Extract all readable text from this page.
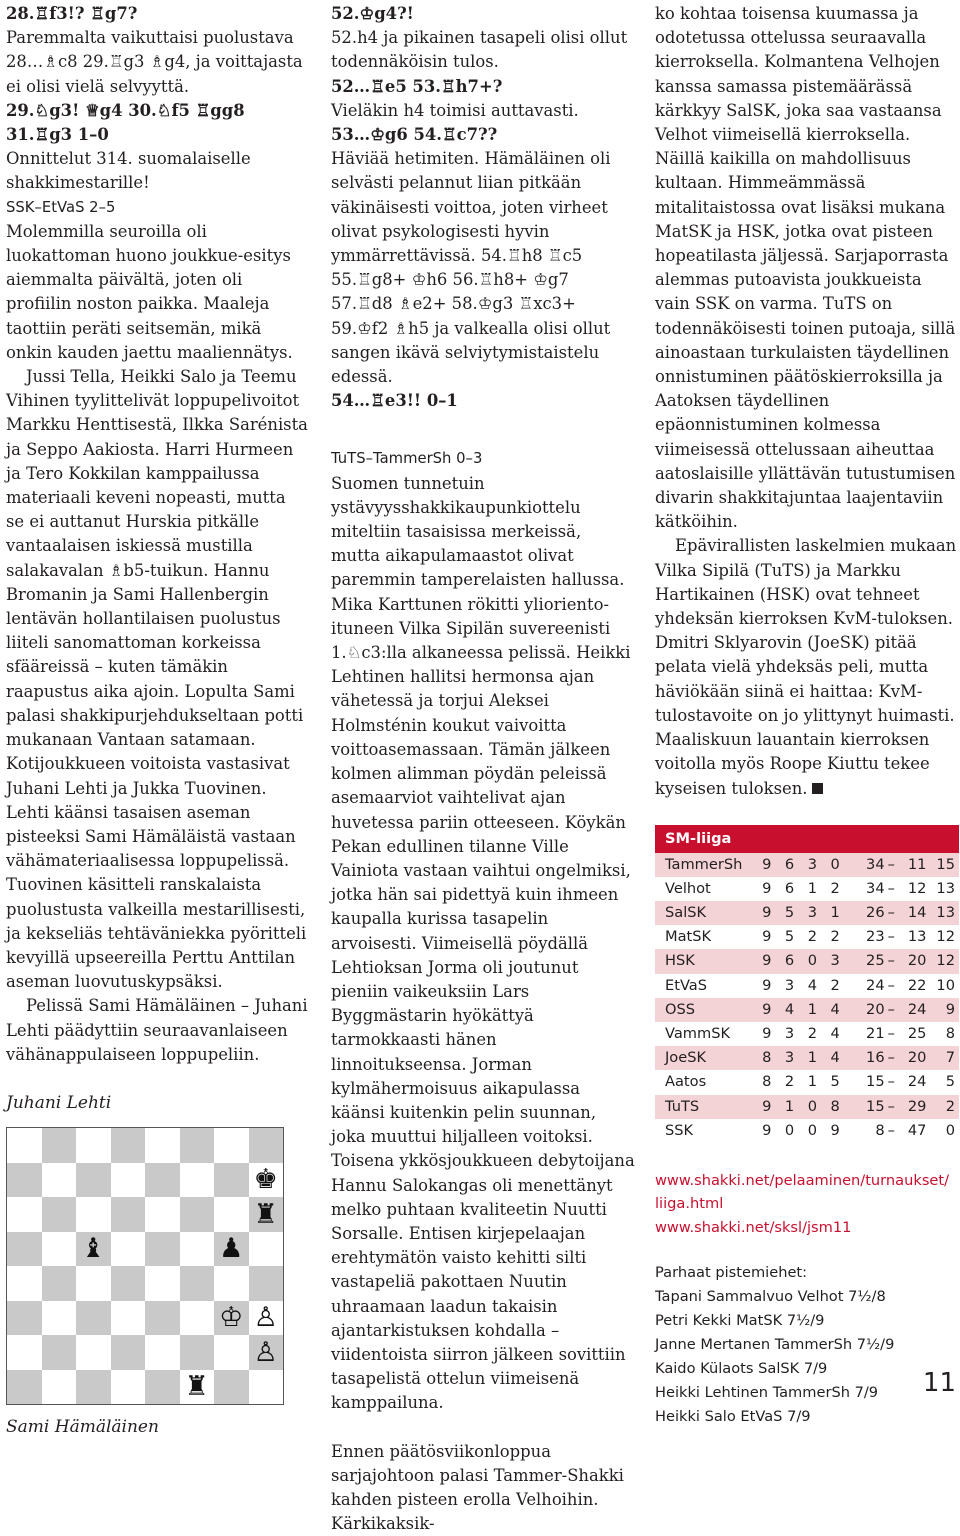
28.♖f3!? ♖g7?

Paremmalta vaikuttaisi puolustava 28…♗c8 29.♖g3 ♗g4, ja voittajasta ei olisi vielä selvyyttä.

29.♘g3! ♕g4 30.♘f5 ♖gg8 31.♖g3 1–0

Onnittelut 314. suomalaiselle shakkimestarille!

SSK–EtVaS 2–5

Molemmilla seuroilla oli luokattoman huono joukkue-esitys aiemmalta päivältä, joten oli profiilin noston paikka. Maaleja taottiin peräti seitsemän, mikä onkin kauden jaettu maaliennätys.

Jussi Tella, Heikki Salo ja Teemu Vihinen tyylittelivät loppupelivoitot Markku Henttisestä, Ilkka Sarénista ja Seppo Aakiosta. Harri Hurmeen ja Tero Kokkilan kamppailussa materiaali keveni nopeasti, mutta se ei auttanut Hurskia pitkälle vantaalaisen iskiessä mustilla salakavalan ♗b5-tuikun. Hannu Bromanin ja Sami Hallenbergin lentävän hollantilaisen puolustus liiteli sanomattoman korkeissa sfääreissä – kuten tämäkin raapustus aika ajoin. Lopulta Sami palasi shakkipurjehdukseltaan potti mukanaan Vantaan satamaan. Kotijoukkueen voitoista vastasivat Juhani Lehti ja Jukka Tuovinen. Lehti käänsi tasaisen aseman pisteeksi Sami Hämäläistä vastaan vähämateriaalisessa loppupelissä. Tuovinen käsitteli ranskalaista puolustusta valkeilla mestarillisesti, ja kekseliäs tehtäväniekka pyöritteli kevyillä upseereilla Perttu Anttilan aseman luovutuskypsäksi.

Pelissä Sami Hämäläinen – Juhani Lehti päädyttiin seuraavanlaiseen vähänappulaiseen loppupeliin.

Juhani Lehti

♚
♜
♝	♟
♔ ♙
♙
♜

Sami Hämäläinen

52.♔g4?!

52.h4 ja pikainen tasapeli olisi ollut todennäköisin tulos.

52…♖e5 53.♖h7+?

Vieläkin h4 toimisi auttavasti.

53…♔g6 54.♖c7??

Häviää hetimiten. Hämäläinen oli selvästi pelannut liian pitkään väkinäisesti voittoa, joten virheet olivat psykologisesti hyvin ymmärrettävissä. 54.♖h8 ♖c5 55.♖g8+ ♔h6 56.♖h8+ ♔g7 57.♖d8 ♗e2+ 58.♔g3 ♖xc3+ 59.♔f2 ♗h5 ja valkealla olisi ollut sangen ikävä selviytymistaistelu edessä.

54…♖e3!! 0–1

TuTS–TammerSh 0–3

Suomen tunnetuin ystävyysshakkikaupunkiottelu miteltiin tasaisissa merkeissä, mutta aikapulamaastot olivat paremmin tamperelaisten hallussa. Mika Karttunen rökitti yliorientoituneen Vilka Sipilän suvereenisti 1.♘c3:lla alkaneessa pelissä. Heikki Lehtinen hallitsi hermonsa ajan vähetessä ja torjui Aleksei Holmsténin koukut vaivoitta voittoasemassaan. Tämän jälkeen kolmen alimman pöydän peleissä asemaarviot vaihtelivat ajan huvetessa pariin otteeseen. Köykän Pekan edullinen tilanne Ville Vainiota vastaan vaihtui ongelmiksi, jotka hän sai pidettyä kuin ihmeen kaupalla kurissa tasapelin arvoisesti. Viimeisellä pöydällä Lehtioksan Jorma oli joutunut pieniin vaikeuksiin Lars Byggmästarin hyökättyä tarmokkaasti hänen linnoitukseensa. Jorman kylmähermoisuus aikapulassa käänsi kuitenkin pelin suunnan, joka muuttui hiljalleen voitoksi. Toisena ykkösjoukkueen debytoijana Hannu Salokangas oli menettänyt melko puhtaan kvaliteetin Nuutti Sorsalle. Entisen kirjepelaajan erehtymätön vaisto kehitti silti vastapeliä pakottaen Nuutin uhraamaan laadun takaisin ajantarkistuksen kohdalla – viidentoista siirron jälkeen sovittiin tasapelistä ottelun viimeisenä kamppailuna.

Ennen päätösviikonloppua sarjajohtoon palasi Tammer-Shakki kahden pisteen erolla Velhoihin. Kärkikaksik-

ko kohtaa toisensa kuumassa ja odotetussa ottelussa seuraavalla kierroksella. Kolmantena Velhojen kanssa samassa pistemäärässä kärkkyy SalSK, joka saa vastaansa Velhot viimeisellä kierroksella. Näillä kaikilla on mahdollisuus kultaan. Himmeämmässä mitalitaistossa ovat lisäksi mukana MatSK ja HSK, jotka ovat pisteen hopeatilasta jäljessä. Sarjaporrasta alemmas putoavista joukkueista vain SSK on varma. TuTS on todennäköisesti toinen putoaja, sillä ainoastaan turkulaisten täydellinen onnistuminen päätöskierroksilla ja Aatoksen täydellinen epäonnistuminen kolmessa viimeisessä ottelussaan aiheuttaa aatoslaisille yllättävän tutustumisen divarin shakkitajuntaa laajentaviin kätköihin.

Epävirallisten laskelmien mukaan Vilka Sipilä (TuTS) ja Markku Hartikainen (HSK) ovat tehneet yhdeksän kierroksen KvM-tuloksen. Dmitri Sklyarovin (JoeSK) pitää pelata vielä yhdeksäs peli, mutta häviökään siinä ei haittaa: KvM-tulostavoite on jo ylittynyt huimasti. Maaliskuun lauantain kierroksen voitolla myös Roope Kiuttu tekee kyseisen tuloksen.

SM-liiga
TammerSh	9 6 3 0	34 – 11 15
Velhot	9 6 1 2	34 – 12 13
SalSK	9 5 3 1	26 – 14 13
MatSK	9 5 2 2	23 – 13 12
HSK	9 6 0 3	25 – 20 12
EtVaS	9 3 4 2	24 – 22 10
OSS	9 4 1 4	20 – 24	9
VammSK	9 3 2 4	21 – 25	8
JoeSK	8 3 1 4	16 – 20	7
Aatos	8 2 1 5	15 – 24	5
TuTS	9 1 0 8	15 – 29	2
SSK	9 0 0 9	8 – 47	0
www.shakki.net/pelaaminen/turnaukset/
liiga.html
www.shakki.net/sksl/jsm11
Parhaat pistemiehet:
Tapani Sammalvuo Velhot 7½/8
Petri Kekki MatSK 7½/9
Janne Mertanen TammerSh 7½/9
Kaido Külaots SalSK 7/9
Heikki Lehtinen TammerSh 7/9
Heikki Salo EtVaS 7/9
11
